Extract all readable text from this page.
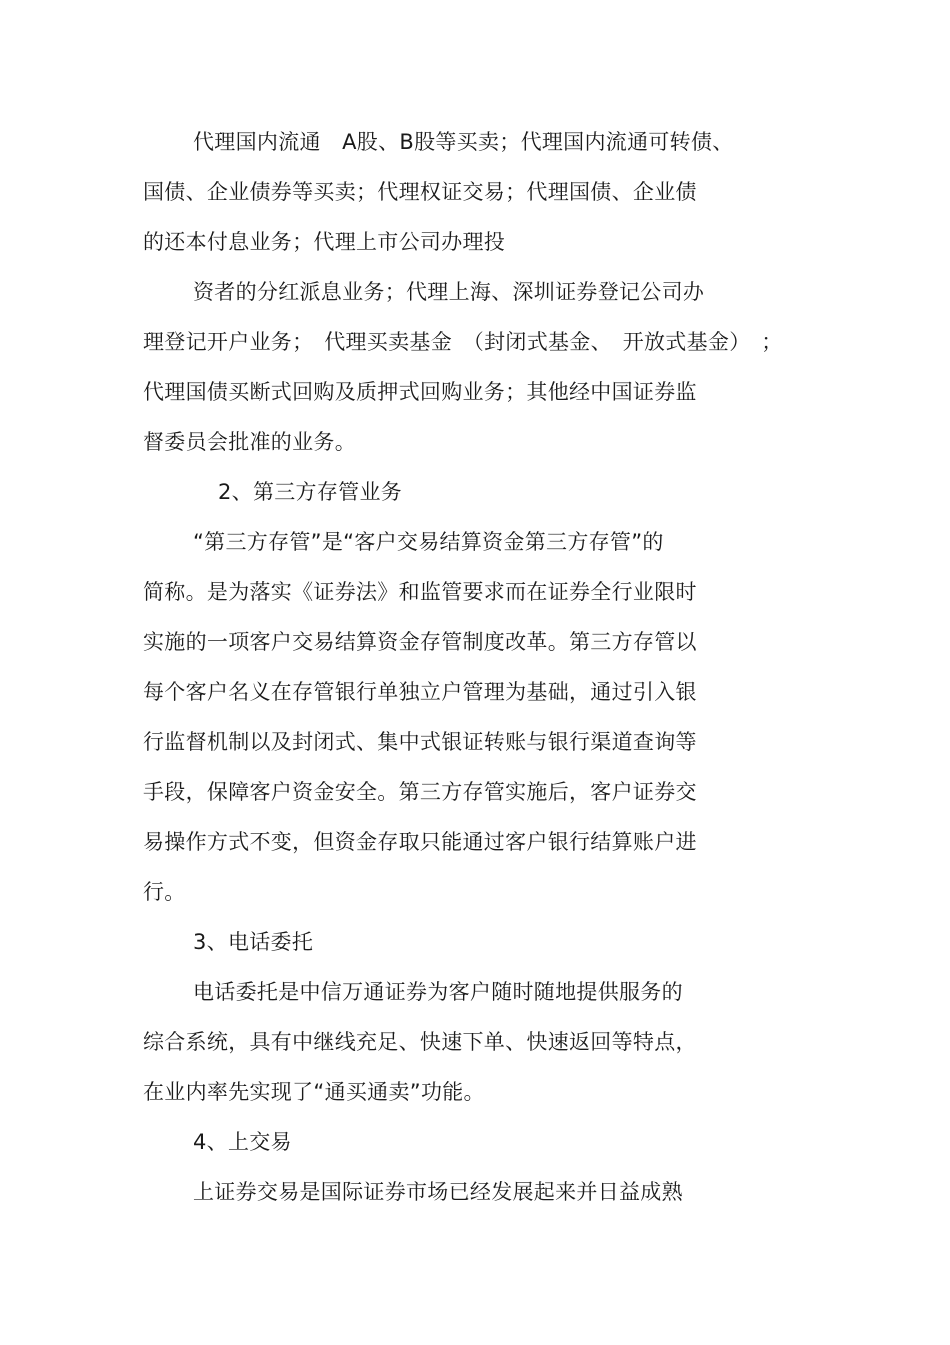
代理国内流通　A股、B股等买卖；代理国内流通可转债、
国债、企业债券等买卖；代理权证交易；代理国债、企业债
的还本付息业务；代理上市公司办理投
资者的分红派息业务；代理上海、深圳证券登记公司办
理登记开户业务；　代理买卖基金　（封闭式基金、　开放式基金）　；
代理国债买断式回购及质押式回购业务；其他经中国证券监
督委员会批准的业务。
2、第三方存管业务
“第三方存管”是“客户交易结算资金第三方存管”的
简称。是为落实《证券法》和监管要求而在证券全行业限时
实施的一项客户交易结算资金存管制度改革。第三方存管以
每个客户名义在存管银行单独立户管理为基础，通过引入银
行监督机制以及封闭式、集中式银证转账与银行渠道查询等
手段，保障客户资金安全。第三方存管实施后，客户证券交
易操作方式不变，但资金存取只能通过客户银行结算账户进
行。
3、电话委托
电话委托是中信万通证券为客户随时随地提供服务的
综合系统，具有中继线充足、快速下单、快速返回等特点，
在业内率先实现了“通买通卖”功能。
4、上交易
上证券交易是国际证券市场已经发展起来并日益成熟
